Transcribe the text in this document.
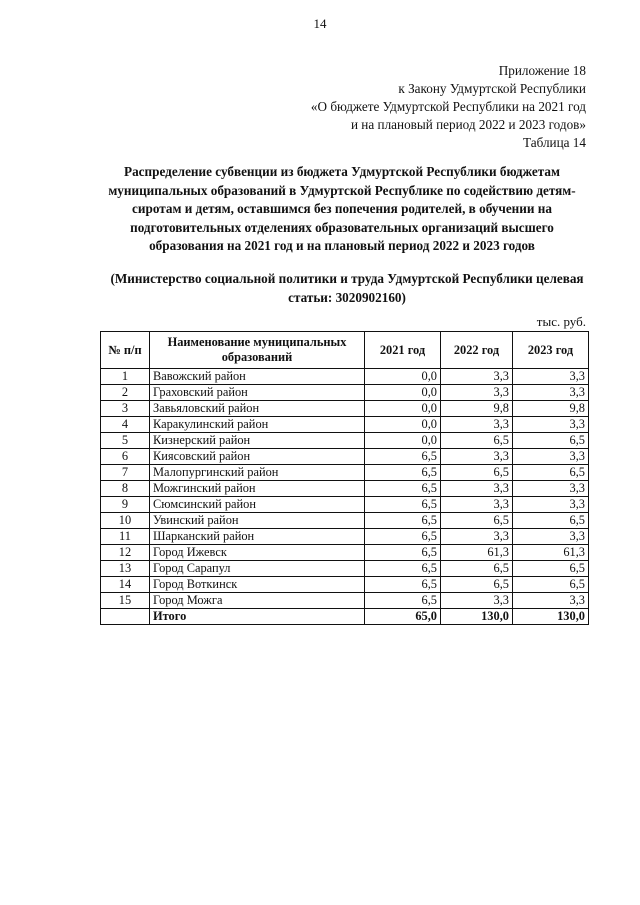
14
Приложение 18
к Закону Удмуртской Республики
«О бюджете Удмуртской Республики на 2021 год
и на плановый период 2022 и 2023 годов»
Таблица 14
Распределение субвенции из бюджета Удмуртской Республики бюджетам
муниципальных образований в Удмуртской Республике по содействию детям-
сиротам и детям, оставшимся без попечения родителей, в обучении на
подготовительных отделениях образовательных организаций высшего
образования на 2021 год и на плановый период 2022 и 2023 годов
(Министерство социальной политики и труда Удмуртской Республики целевая
статьи: 3020902160)
тыс. руб.
№ п/п	Наименование муниципальных образований	2021 год	2022 год	2023 год
1	Вавожский район	0,0	3,3	3,3
2	Граховский район	0,0	3,3	3,3
3	Завьяловский район	0,0	9,8	9,8
4	Каракулинский район	0,0	3,3	3,3
5	Кизнерский район	0,0	6,5	6,5
6	Киясовский район	6,5	3,3	3,3
7	Малопургинский район	6,5	6,5	6,5
8	Можгинский район	6,5	3,3	3,3
9	Сюмсинский район	6,5	3,3	3,3
10	Увинский район	6,5	6,5	6,5
11	Шарканский район	6,5	3,3	3,3
12	Город Ижевск	6,5	61,3	61,3
13	Город Сарапул	6,5	6,5	6,5
14	Город Воткинск	6,5	6,5	6,5
15	Город Можга	6,5	3,3	3,3
	Итого	65,0	130,0	130,0
